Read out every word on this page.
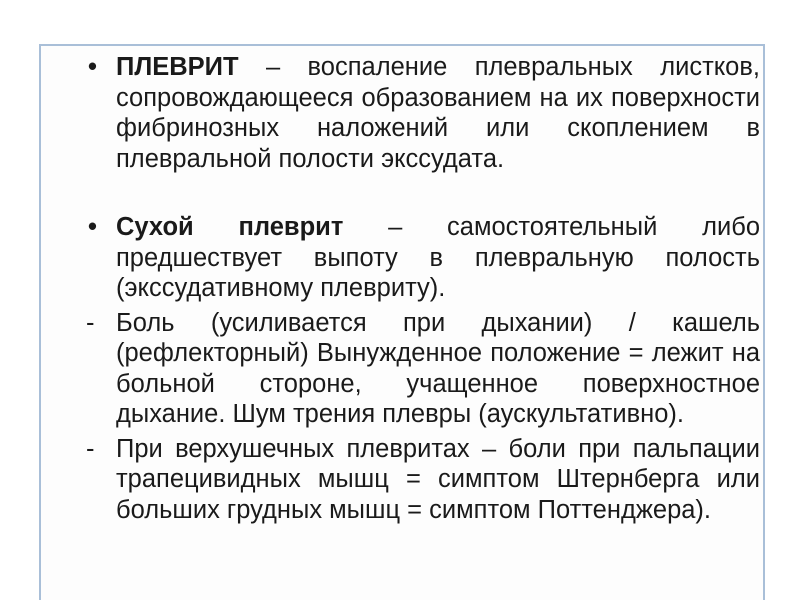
• ПЛЕВРИТ – воспаление плевральных листков, сопровождающееся образованием на их поверхности фибринозных наложений или скоплением в плевральной полости экссудата.
• Сухой плеврит – самостоятельный либо предшествует выпоту в плевральную полость (экссудативному плевриту).
- Боль (усиливается при дыхании) / кашель (рефлекторный) Вынужденное положение = лежит на больной стороне, учащенное поверхностное дыхание. Шум трения плевры (аускультативно).
- При верхушечных плевритах – боли при пальпации трапецивидных мышц = симптом Штернберга или больших грудных мышц = симптом Поттенджера).
